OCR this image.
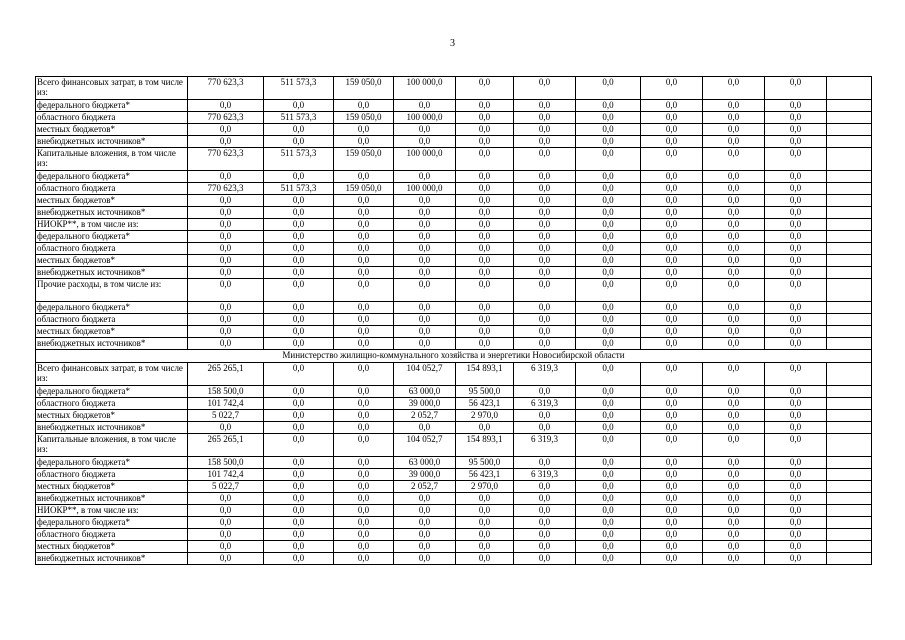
3
Всего финансовых затрат, в том числе из:	770 623,3	511 573,3	159 050,0	100 000,0	0,0	0,0	0,0	0,0	0,0	0,0	
федерального бюджета*	0,0	0,0	0,0	0,0	0,0	0,0	0,0	0,0	0,0	0,0	
областного бюджета	770 623,3	511 573,3	159 050,0	100 000,0	0,0	0,0	0,0	0,0	0,0	0,0	
местных бюджетов*	0,0	0,0	0,0	0,0	0,0	0,0	0,0	0,0	0,0	0,0	
внебюджетных источников*	0,0	0,0	0,0	0,0	0,0	0,0	0,0	0,0	0,0	0,0	
Капитальные вложения, в том числе из:	770 623,3	511 573,3	159 050,0	100 000,0	0,0	0,0	0,0	0,0	0,0	0,0	
федерального бюджета*	0,0	0,0	0,0	0,0	0,0	0,0	0,0	0,0	0,0	0,0	
областного бюджета	770 623,3	511 573,3	159 050,0	100 000,0	0,0	0,0	0,0	0,0	0,0	0,0	
местных бюджетов*	0,0	0,0	0,0	0,0	0,0	0,0	0,0	0,0	0,0	0,0	
внебюджетных источников*	0,0	0,0	0,0	0,0	0,0	0,0	0,0	0,0	0,0	0,0	
НИОКР**, в том числе из:	0,0	0,0	0,0	0,0	0,0	0,0	0,0	0,0	0,0	0,0	
федерального бюджета*	0,0	0,0	0,0	0,0	0,0	0,0	0,0	0,0	0,0	0,0	
областного бюджета	0,0	0,0	0,0	0,0	0,0	0,0	0,0	0,0	0,0	0,0	
местных бюджетов*	0,0	0,0	0,0	0,0	0,0	0,0	0,0	0,0	0,0	0,0	
внебюджетных источников*	0,0	0,0	0,0	0,0	0,0	0,0	0,0	0,0	0,0	0,0	
Прочие расходы, в том числе из:	0,0	0,0	0,0	0,0	0,0	0,0	0,0	0,0	0,0	0,0	
федерального бюджета*	0,0	0,0	0,0	0,0	0,0	0,0	0,0	0,0	0,0	0,0	
областного бюджета	0,0	0,0	0,0	0,0	0,0	0,0	0,0	0,0	0,0	0,0	
местных бюджетов*	0,0	0,0	0,0	0,0	0,0	0,0	0,0	0,0	0,0	0,0	
внебюджетных источников*	0,0	0,0	0,0	0,0	0,0	0,0	0,0	0,0	0,0	0,0	
Министерство жилищно-коммунального хозяйства и энергетики Новосибирской области											
Всего финансовых затрат, в том числе из:	265 265,1	0,0	0,0	104 052,7	154 893,1	6 319,3	0,0	0,0	0,0	0,0	
федерального бюджета*	158 500,0	0,0	0,0	63 000,0	95 500,0	0,0	0,0	0,0	0,0	0,0	
областного бюджета	101 742,4	0,0	0,0	39 000,0	56 423,1	6 319,3	0,0	0,0	0,0	0,0	
местных бюджетов*	5 022,7	0,0	0,0	2 052,7	2 970,0	0,0	0,0	0,0	0,0	0,0	
внебюджетных источников*	0,0	0,0	0,0	0,0	0,0	0,0	0,0	0,0	0,0	0,0	
Капитальные вложения, в том числе из:	265 265,1	0,0	0,0	104 052,7	154 893,1	6 319,3	0,0	0,0	0,0	0,0	
федерального бюджета*	158 500,0	0,0	0,0	63 000,0	95 500,0	0,0	0,0	0,0	0,0	0,0	
областного бюджета	101 742,4	0,0	0,0	39 000,0	56 423,1	6 319,3	0,0	0,0	0,0	0,0	
местных бюджетов*	5 022,7	0,0	0,0	2 052,7	2 970,0	0,0	0,0	0,0	0,0	0,0	
внебюджетных источников*	0,0	0,0	0,0	0,0	0,0	0,0	0,0	0,0	0,0	0,0	
НИОКР**, в том числе из:	0,0	0,0	0,0	0,0	0,0	0,0	0,0	0,0	0,0	0,0	
федерального бюджета*	0,0	0,0	0,0	0,0	0,0	0,0	0,0	0,0	0,0	0,0	
областного бюджета	0,0	0,0	0,0	0,0	0,0	0,0	0,0	0,0	0,0	0,0	
местных бюджетов*	0,0	0,0	0,0	0,0	0,0	0,0	0,0	0,0	0,0	0,0	
внебюджетных источников*	0,0	0,0	0,0	0,0	0,0	0,0	0,0	0,0	0,0	0,0	
